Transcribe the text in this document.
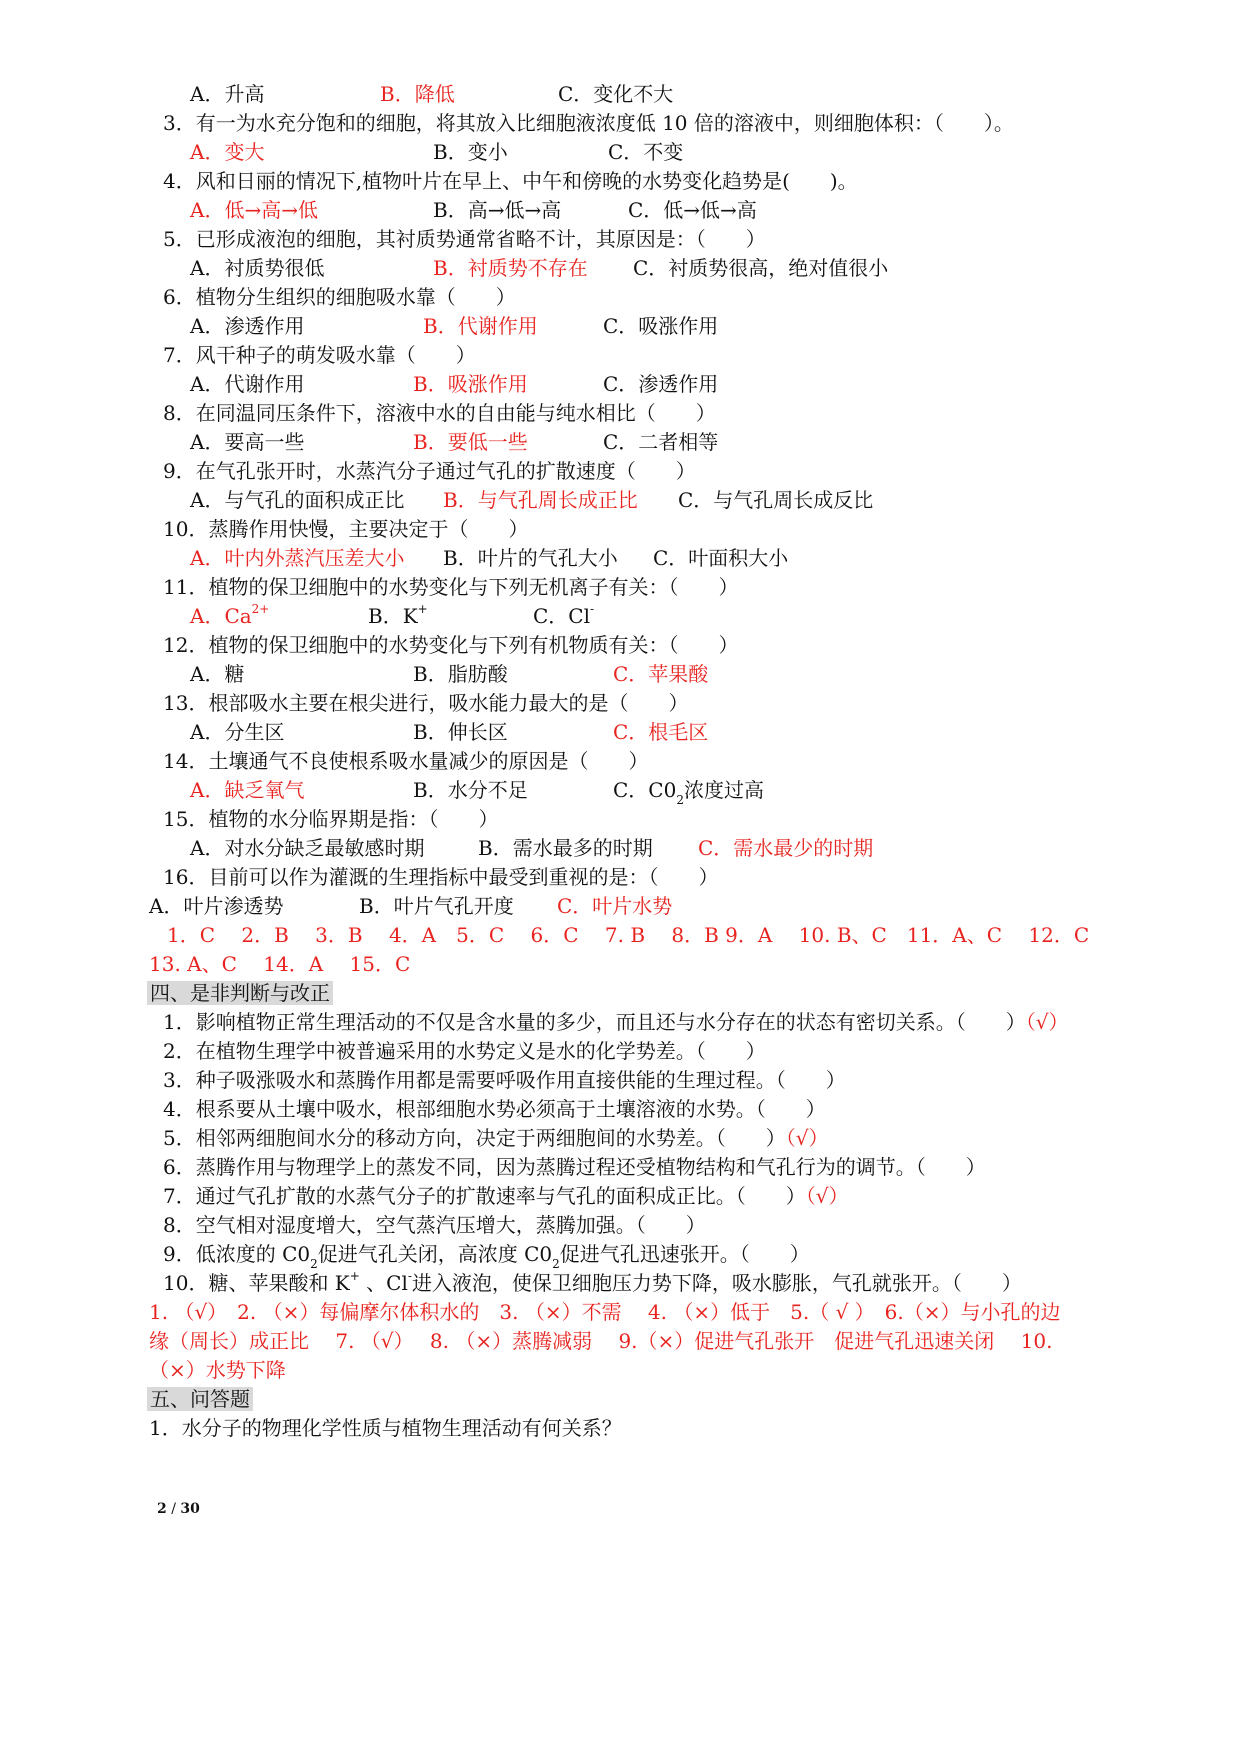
A．升高	B．降低	C．变化不大
3．有一为水充分饱和的细胞，将其放入比细胞液浓度低 10 倍的溶液中，则细胞体积：（　　）。
A．变大	B．变小	C．不变
4．风和日丽的情况下,植物叶片在早上、中午和傍晚的水势变化趋势是(　　)。
A．低→高→低	B．高→低→高	C．低→低→高
5．已形成液泡的细胞，其衬质势通常省略不计，其原因是：（　　）
A．衬质势很低	B．衬质势不存在 C．衬质势很高，绝对值很小
6．植物分生组织的细胞吸水靠（　　）
A．渗透作用	B．代谢作用	C．吸涨作用
7．风干种子的萌发吸水靠（　　）
A．代谢作用	B．吸涨作用	C．渗透作用
8．在同温同压条件下，溶液中水的自由能与纯水相比（　　）
A．要高一些	B．要低一些	C．二者相等
9．在气孔张开时，水蒸汽分子通过气孔的扩散速度（　　）
A．与气孔的面积成正比 B．与气孔周长成正比 C．与气孔周长成反比
10．蒸腾作用快慢，主要决定于（　　）
A．叶内外蒸汽压差大小 B．叶片的气孔大小 C．叶面积大小
11．植物的保卫细胞中的水势变化与下列无机离子有关：（　　）
A．$Ca^{2+}$	B．K+	C．Cl-
12．植物的保卫细胞中的水势变化与下列有机物质有关：（　　）
A．糖	B．脂肪酸	C．苹果酸
13．根部吸水主要在根尖进行，吸水能力最大的是（　　）
A．分生区	B．伸长区	C．根毛区
14．土壤通气不良使根系吸水量减少的原因是（　　）
A．缺乏氧气	B．水分不足	C．$C0_2$浓度过高
15．植物的水分临界期是指：（　　）
A．对水分缺乏最敏感时期	B．需水最多的时期 C．需水最少的时期
16．目前可以作为灌溉的生理指标中最受到重视的是：（　　）
A．叶片渗透势	B．叶片气孔开度 C．叶片水势
1．C　 2．B　 3．B　 4．A　5．C　 6．C　 7. B　 8．B 9．A　 10. B、C　11．A、C　 12．C
13. A、C　 14．A　 15．C
四、是非判断与改正
1．影响植物正常生理活动的不仅是含水量的多少，而且还与水分存在的状态有密切关系。（　　）（√）
2．在植物生理学中被普遍采用的水势定义是水的化学势差。（　　）
3．种子吸涨吸水和蒸腾作用都是需要呼吸作用直接供能的生理过程。（　　）
4．根系要从土壤中吸水，根部细胞水势必须高于土壤溶液的水势。（　　）
5．相邻两细胞间水分的移动方向，决定于两细胞间的水势差。（　　）（√）
6．蒸腾作用与物理学上的蒸发不同，因为蒸腾过程还受植物结构和气孔行为的调节。（　　）
7．通过气孔扩散的水蒸气分子的扩散速率与气孔的面积成正比。（　　）（√）
8．空气相对湿度增大，空气蒸汽压增大，蒸腾加强。（　　）
9．低浓度的 $C0_2$促进气孔关闭，高浓度 $C0_2$促进气孔迅速张开。（　　）
10．糖、苹果酸和 K+ 、Cl-进入液泡，使保卫细胞压力势下降，吸水膨胀，气孔就张开。（　　）
1. （√）　2. （×）每偏摩尔体积水的　3. （×）不需　 4. （×）低于　5.（ √ ）　6.（×）与小孔的边
缘（周长）成正比　 7. （√）　 8. （×）蒸腾减弱　 9.（×）促进气孔张开　促进气孔迅速关闭　 10.
（×）水势下降
五、问答题
1．水分子的物理化学性质与植物生理活动有何关系？
2 / 30
